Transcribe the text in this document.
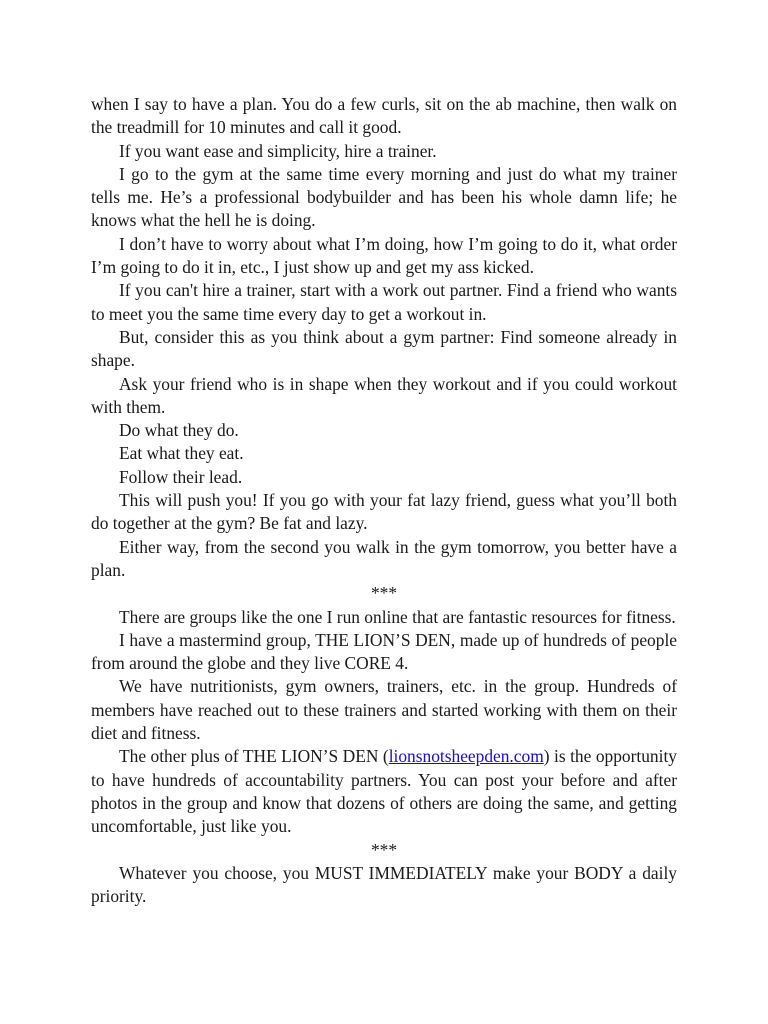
when I say to have a plan. You do a few curls, sit on the ab machine, then walk on the treadmill for 10 minutes and call it good.

If you want ease and simplicity, hire a trainer.

I go to the gym at the same time every morning and just do what my trainer tells me. He’s a professional bodybuilder and has been his whole damn life; he knows what the hell he is doing.

I don’t have to worry about what I’m doing, how I’m going to do it, what order I’m going to do it in, etc., I just show up and get my ass kicked.

If you can't hire a trainer, start with a work out partner. Find a friend who wants to meet you the same time every day to get a workout in.

But, consider this as you think about a gym partner: Find someone already in shape.

Ask your friend who is in shape when they workout and if you could workout with them.

Do what they do.

Eat what they eat.

Follow their lead.

This will push you! If you go with your fat lazy friend, guess what you’ll both do together at the gym? Be fat and lazy.

Either way, from the second you walk in the gym tomorrow, you better have a plan.

***

There are groups like the one I run online that are fantastic resources for fitness.

I have a mastermind group, THE LION’S DEN, made up of hundreds of people from around the globe and they live CORE 4.

We have nutritionists, gym owners, trainers, etc. in the group. Hundreds of members have reached out to these trainers and started working with them on their diet and fitness.

The other plus of THE LION’S DEN (lionsnotsheepden.com) is the opportunity to have hundreds of accountability partners. You can post your before and after photos in the group and know that dozens of others are doing the same, and getting uncomfortable, just like you.

***

Whatever you choose, you MUST IMMEDIATELY make your BODY a daily priority.
